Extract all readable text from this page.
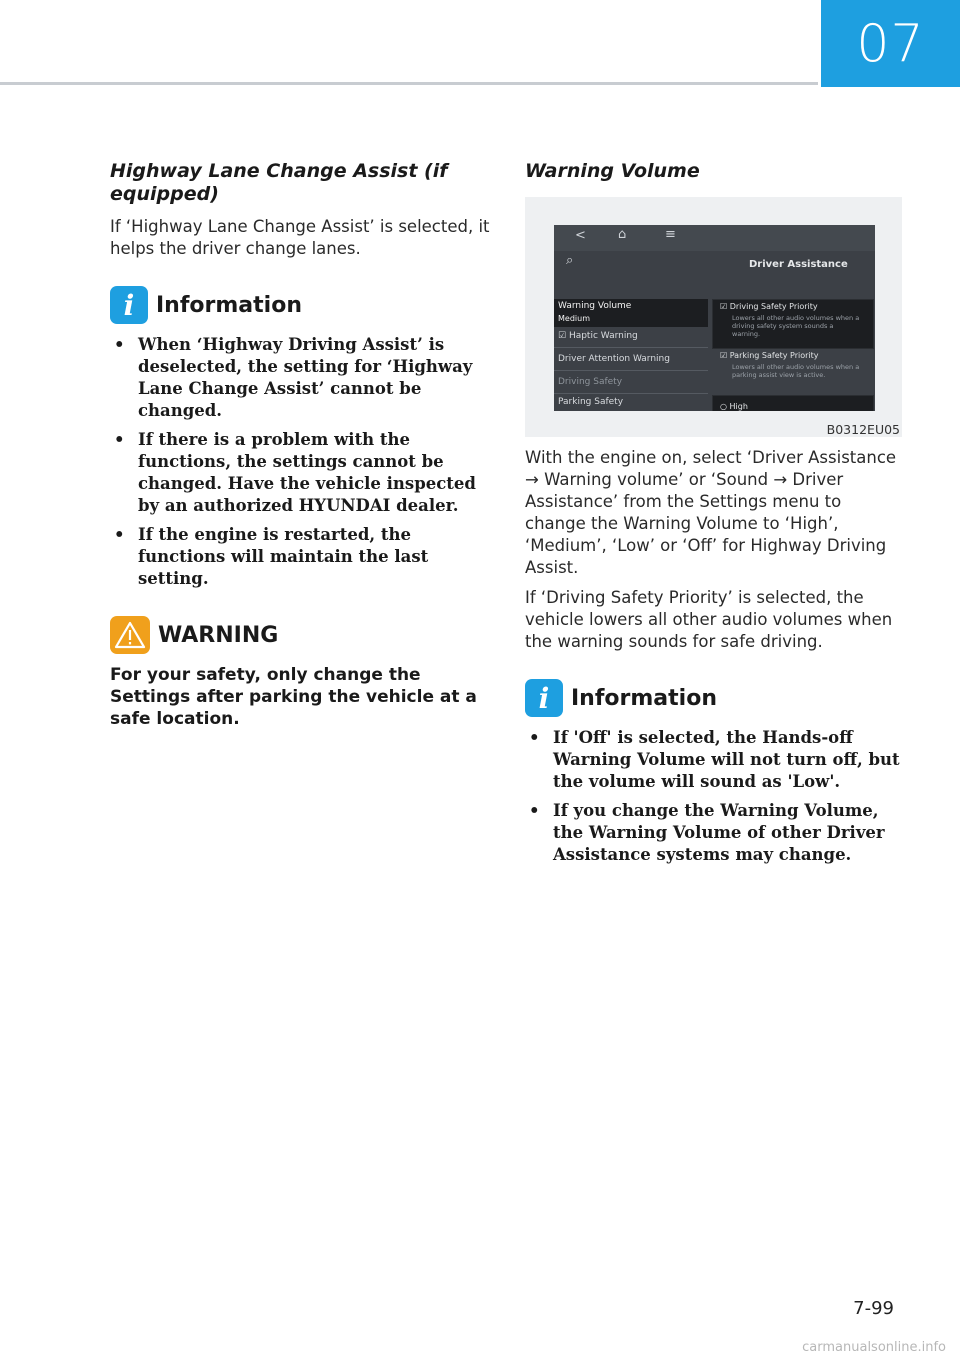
07
Highway Lane Change Assist (if equipped)

If ‘Highway Lane Change Assist’ is selected, it helps the driver change lanes.

i Information
• When ‘Highway Driving Assist’ is deselected, the setting for ‘Highway Lane Change Assist’ cannot be changed.
• If there is a problem with the functions, the settings cannot be changed. Have the vehicle inspected by an authorized HYUNDAI dealer.
• If the engine is restarted, the functions will maintain the last setting.
WARNING

For your safety, only change the Settings after parking the vehicle at a safe location.

Warning Volume
< ⌂	≡
⌕	Driver Assistance
Warning Volume
Medium
☑ Haptic Warning
Driver Attention Warning
Driving Safety
Parking Safety
☑ Driving Safety Priority
Lowers all other audio volumes when a driving safety system sounds a warning.
☑ Parking Safety Priority
Lowers all other audio volumes when a parking assist view is active.
○ High
B0312EU05

With the engine on, select ‘Driver Assistance → Warning volume’ or ‘Sound → Driver Assistance’ from the Settings menu to change the Warning Volume to ‘High’, ‘Medium’, ‘Low’ or ‘Off’ for Highway Driving Assist.

If ‘Driving Safety Priority’ is selected, the vehicle lowers all other audio volumes when the warning sounds for safe driving.

i Information
• If 'Off' is selected, the Hands-off Warning Volume will not turn off, but the volume will sound as 'Low'.
• If you change the Warning Volume, the Warning Volume of other Driver Assistance systems may change.
7-99
carmanualsonline.info
